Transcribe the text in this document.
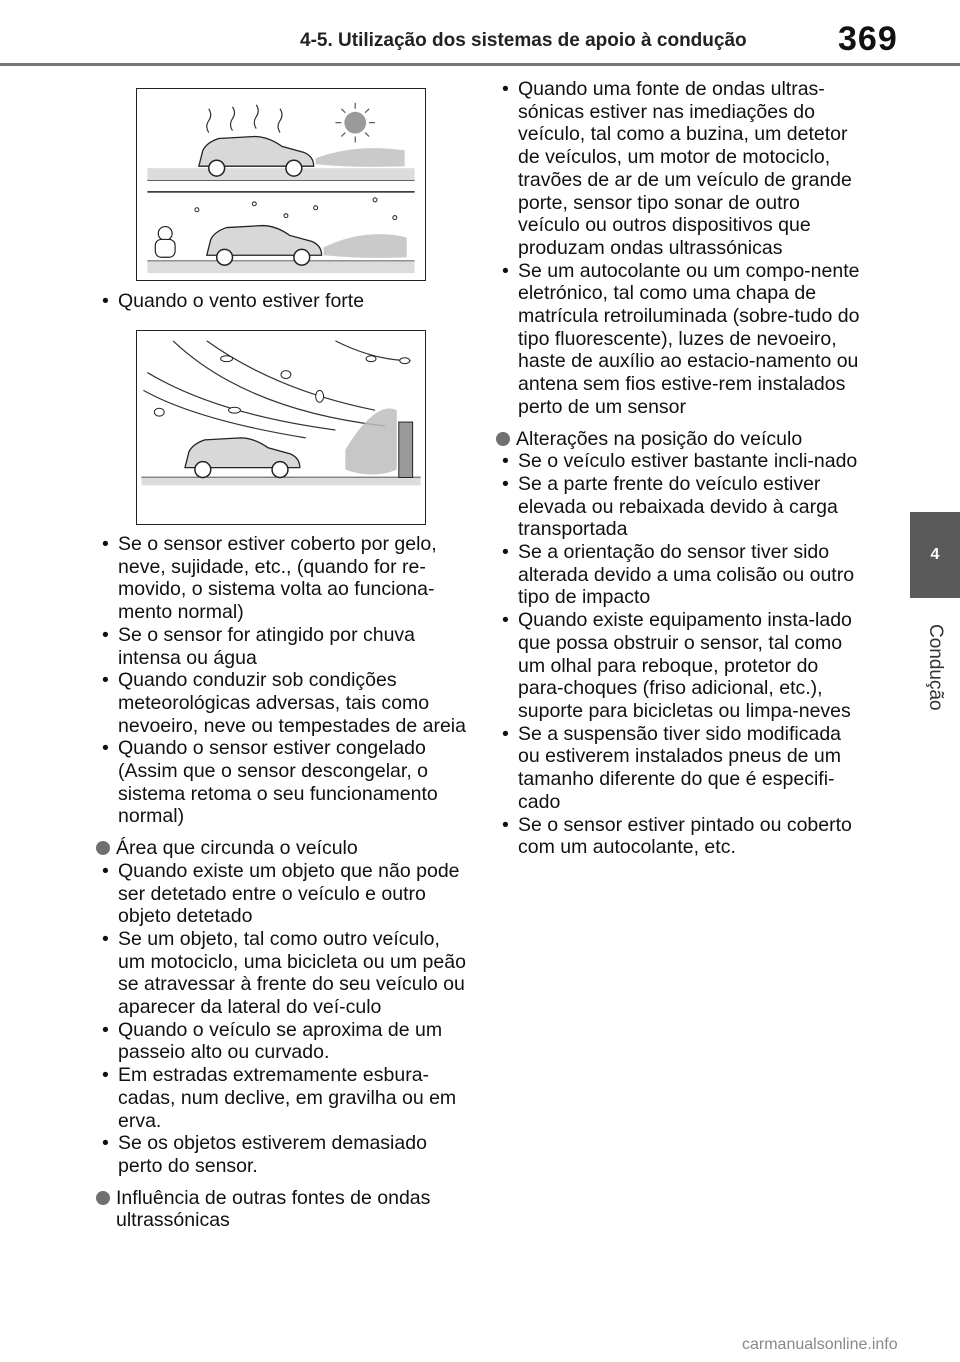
4-5. Utilização dos sistemas de apoio à condução	369
4
Condução
• Quando o vento estiver forte
• Se o sensor estiver coberto por gelo, neve, sujidade, etc., (quando for re-movido, o sistema volta ao funciona-mento normal)
• Se o sensor for atingido por chuva intensa ou água
• Quando conduzir sob condições meteorológicas adversas, tais como nevoeiro, neve ou tempestades de areia
• Quando o sensor estiver congelado (Assim que o sensor descongelar, o sistema retoma o seu funcionamento normal)
Área que circunda o veículo
• Quando existe um objeto que não pode ser detetado entre o veículo e outro objeto detetado
• Se um objeto, tal como outro veículo, um motociclo, uma bicicleta ou um peão se atravessar à frente do seu veículo ou aparecer da lateral do veí-culo
• Quando o veículo se aproxima de um passeio alto ou curvado.
• Em estradas extremamente esbura-cadas, num declive, em gravilha ou em erva.
• Se os objetos estiverem demasiado perto do sensor.
Influência de outras fontes de ondas ultrassónicas
• Quando uma fonte de ondas ultras-sónicas estiver nas imediações do veículo, tal como a buzina, um detetor de veículos, um motor de motociclo, travões de ar de um veículo de grande porte, sensor tipo sonar de outro veículo ou outros dispositivos que produzam ondas ultrassónicas
• Se um autocolante ou um compo-nente eletrónico, tal como uma chapa de matrícula retroiluminada (sobre-tudo do tipo fluorescente), luzes de nevoeiro, haste de auxílio ao estacio-namento ou antena sem fios estive-rem instalados perto de um sensor
Alterações na posição do veículo
• Se o veículo estiver bastante incli-nado
• Se a parte frente do veículo estiver elevada ou rebaixada devido à carga transportada
• Se a orientação do sensor tiver sido alterada devido a uma colisão ou outro tipo de impacto
• Quando existe equipamento insta-lado que possa obstruir o sensor, tal como um olhal para reboque, protetor do para-choques (friso adicional, etc.), suporte para bicicletas ou limpa-neves
• Se a suspensão tiver sido modificada ou estiverem instalados pneus de um tamanho diferente do que é especifi-cado
• Se o sensor estiver pintado ou coberto com um autocolante, etc.
carmanualsonline.info
